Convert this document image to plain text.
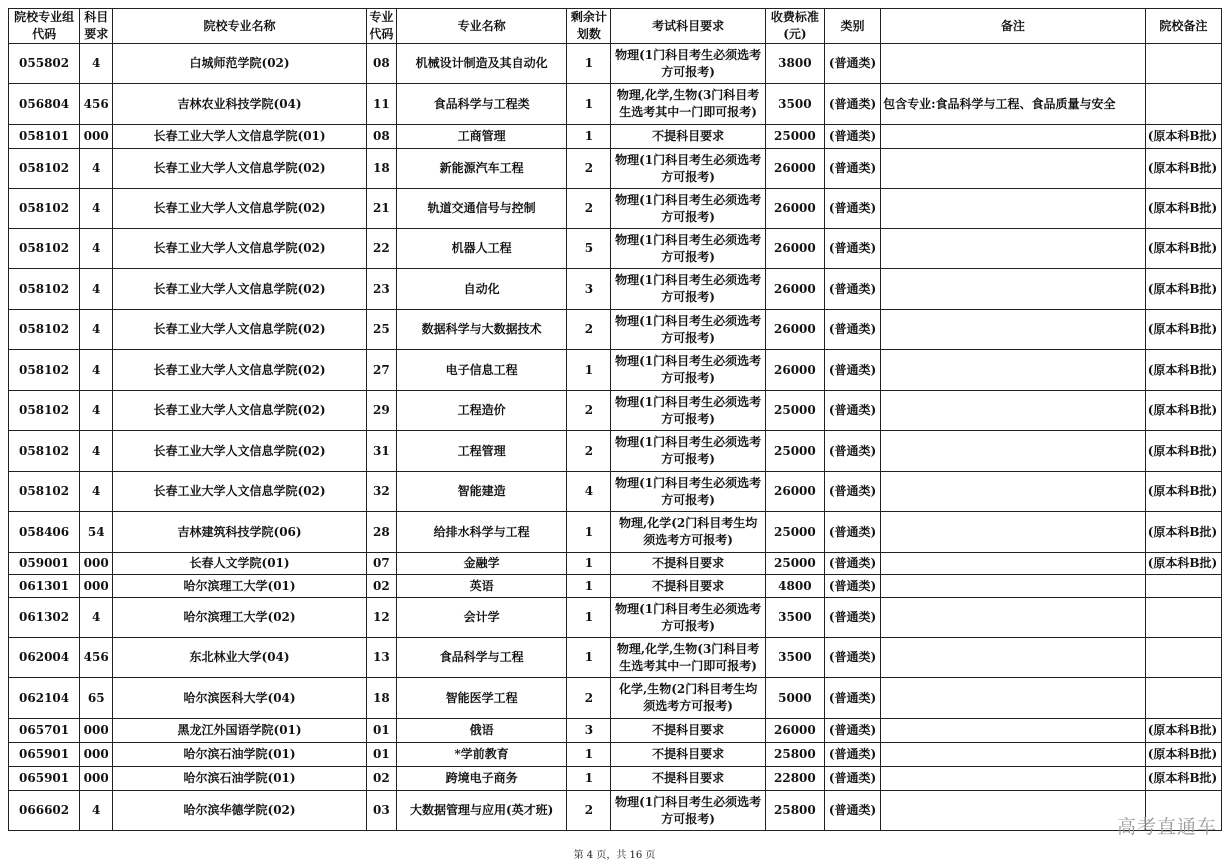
院校专业组代码	科目要求	院校专业名称	专业代码	专业名称	剩余计划数	考试科目要求	收费标准(元)	类别	备注	院校备注
055802	4	白城师范学院(02)	08	机械设计制造及其自动化	1	物理(1门科目考生必须选考方可报考)	3800	(普通类)		
056804	456	吉林农业科技学院(04)	11	食品科学与工程类	1	物理,化学,生物(3门科目考生选考其中一门即可报考)	3500	(普通类)	包含专业:食品科学与工程、食品质量与安全	
058101	000	长春工业大学人文信息学院(01)	08	工商管理	1	不提科目要求	25000	(普通类)		(原本科B批)
058102	4	长春工业大学人文信息学院(02)	18	新能源汽车工程	2	物理(1门科目考生必须选考方可报考)	26000	(普通类)		(原本科B批)
058102	4	长春工业大学人文信息学院(02)	21	轨道交通信号与控制	2	物理(1门科目考生必须选考方可报考)	26000	(普通类)		(原本科B批)
058102	4	长春工业大学人文信息学院(02)	22	机器人工程	5	物理(1门科目考生必须选考方可报考)	26000	(普通类)		(原本科B批)
058102	4	长春工业大学人文信息学院(02)	23	自动化	3	物理(1门科目考生必须选考方可报考)	26000	(普通类)		(原本科B批)
058102	4	长春工业大学人文信息学院(02)	25	数据科学与大数据技术	2	物理(1门科目考生必须选考方可报考)	26000	(普通类)		(原本科B批)
058102	4	长春工业大学人文信息学院(02)	27	电子信息工程	1	物理(1门科目考生必须选考方可报考)	26000	(普通类)		(原本科B批)
058102	4	长春工业大学人文信息学院(02)	29	工程造价	2	物理(1门科目考生必须选考方可报考)	25000	(普通类)		(原本科B批)
058102	4	长春工业大学人文信息学院(02)	31	工程管理	2	物理(1门科目考生必须选考方可报考)	25000	(普通类)		(原本科B批)
058102	4	长春工业大学人文信息学院(02)	32	智能建造	4	物理(1门科目考生必须选考方可报考)	26000	(普通类)		(原本科B批)
058406	54	吉林建筑科技学院(06)	28	给排水科学与工程	1	物理,化学(2门科目考生均须选考方可报考)	25000	(普通类)		(原本科B批)
059001	000	长春人文学院(01)	07	金融学	1	不提科目要求	25000	(普通类)		(原本科B批)
061301	000	哈尔滨理工大学(01)	02	英语	1	不提科目要求	4800	(普通类)		
061302	4	哈尔滨理工大学(02)	12	会计学	1	物理(1门科目考生必须选考方可报考)	3500	(普通类)		
062004	456	东北林业大学(04)	13	食品科学与工程	1	物理,化学,生物(3门科目考生选考其中一门即可报考)	3500	(普通类)		
062104	65	哈尔滨医科大学(04)	18	智能医学工程	2	化学,生物(2门科目考生均须选考方可报考)	5000	(普通类)		
065701	000	黑龙江外国语学院(01)	01	俄语	3	不提科目要求	26000	(普通类)		(原本科B批)
065901	000	哈尔滨石油学院(01)	01	*学前教育	1	不提科目要求	25800	(普通类)		(原本科B批)
065901	000	哈尔滨石油学院(01)	02	跨境电子商务	1	不提科目要求	22800	(普通类)		(原本科B批)
066602	4	哈尔滨华德学院(02)	03	大数据管理与应用(英才班)	2	物理(1门科目考生必须选考方可报考)	25800	(普通类)		
第 4 页，共 16 页
高考直通车
